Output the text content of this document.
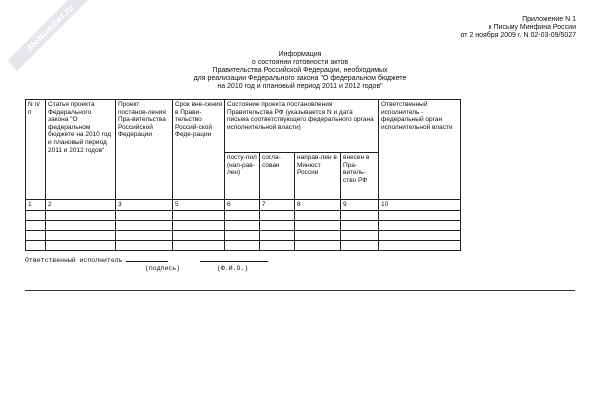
NoNumber.ru	Приложение N 1
к Письму Минфина России
от 2 ноября 2009 г. N 02-03-09/5027
Информация
о состоянии готовности актов
Правительства Российской Федерации, необходимых
для реализации Федерального закона "О федеральном бюджете
на 2010 год и плановый период 2011 и 2012 годов"
N п/п	Статья проекта Федерального закона "О федеральном бюджете на 2010 год и плановый период 2011 и 2012 годов"	Проект постанов-ления Пра-вительства Российской Федерации	Срок вне-сения в Прави-тельство Россий-ской Феде-рации	Состояние проекта постановления Правительства РФ (указывается N и дата письма соответствующего федерального органа исполнительной власти)				Ответственный исполнитель - федеральный орган исполнительной власти
				посту-пил (нап-рав-лен)	согла-сован	направ-лен в Минюст России	внесен в Пра-витель-ство РФ	
1	2	3	5	6	7	8	9	10

Ответственный исполнитель
(подпись)	(Ф.И.О.)
